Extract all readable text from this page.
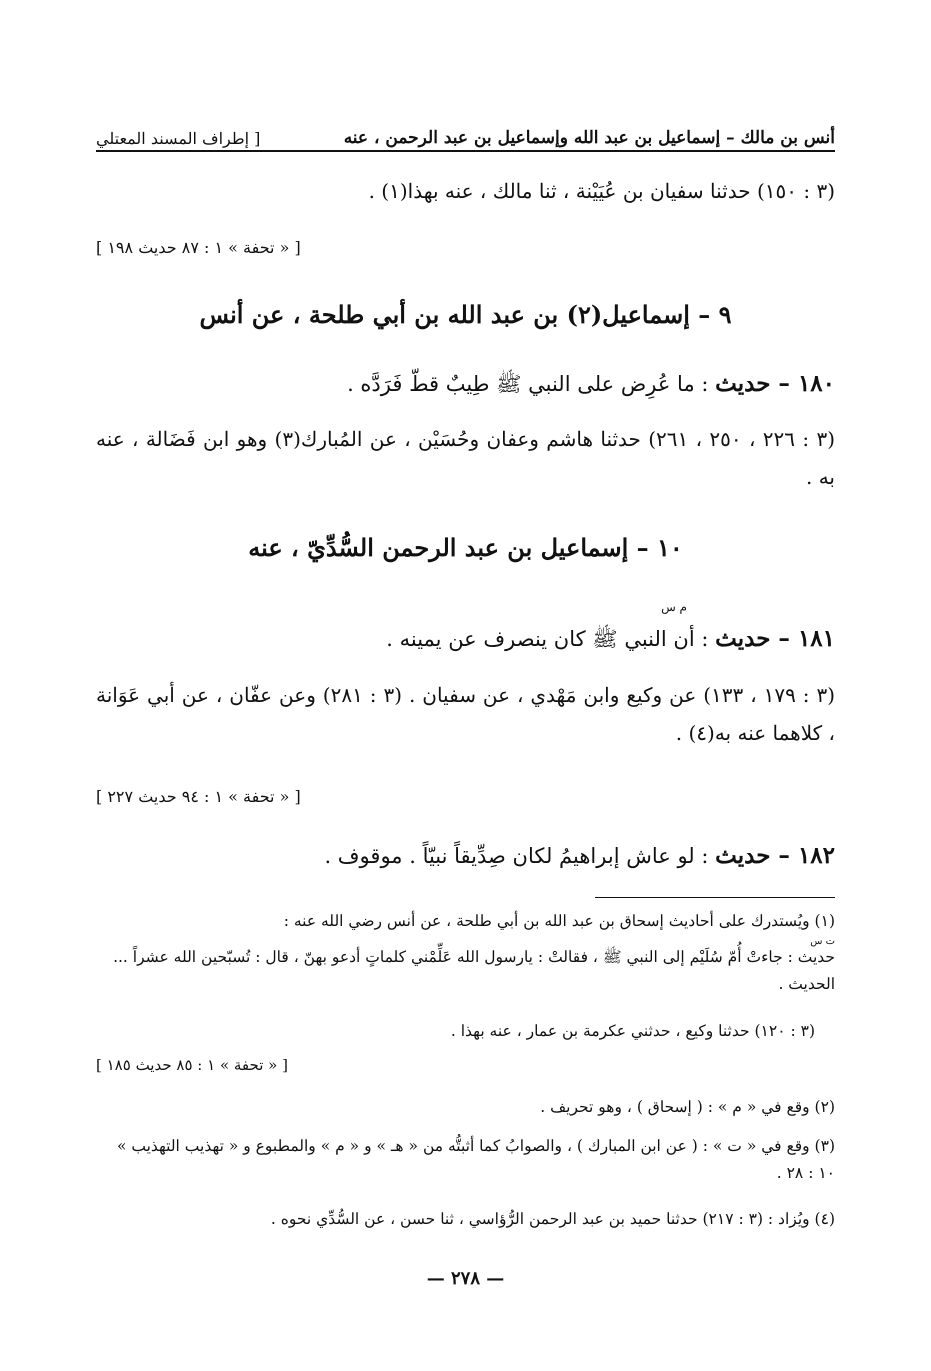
أنس بن مالك – إسماعيل بن عبد الله وإسماعيل بن عبد الرحمن ، عنه
[ إطراف المسند المعتلي
(٣ : ١٥٠) حدثنا سفيان بن عُيَيْنة ، ثنا مالك ، عنه بهذا(١) .
[ « تحفة » ١ : ٨٧ حديث ١٩٨ ]
٩ – إسماعيل(٢) بن عبد الله بن أبي طلحة ، عن أنس
١٨٠ – حديث : ما عُرِض على النبي ﷺ طِيبٌ قطّ فَرَدَّه .
(٣ : ٢٢٦ ، ٢٥٠ ، ٢٦١) حدثنا هاشم وعفان وحُسَيْن ، عن المُبارك(٣) وهو ابن فَضَالة ، عنه به .
١٠ – إسماعيل بن عبد الرحمن السُّدِّيّ ، عنه
م س
١٨١ – حديث : أن النبي ﷺ كان ينصرف عن يمينه .
(٣ : ١٧٩ ، ١٣٣) عن وكيع وابن مَهْدي ، عن سفيان . (٣ : ٢٨١) وعن عفّان ، عن أبي عَوَانة ، كلاهما عنه به(٤) .
[ « تحفة » ١ : ٩٤ حديث ٢٢٧ ]
١٨٢ – حديث : لو عاش إبراهيمُ لكان صِدِّيقاً نبيّاً . موقوف .
(١) ويُستدرك على أحاديث إسحاق بن عبد الله بن أبي طلحة ، عن أنس رضي الله عنه :
ت س
حديث : جاءتْ أُمّ سُلَيْم إلى النبي ﷺ ، فقالتْ : يارسول الله عَلِّمْني كلماتٍ أدعو بهنّ ، قال : تُسبّحين الله عشراً ... الحديث .
(٣ : ١٢٠) حدثنا وكيع ، حدثني عكرمة بن عمار ، عنه بهذا .
[ « تحفة » ١ : ٨٥ حديث ١٨٥ ]
(٢) وقع في « م » : ( إسحاق ) ، وهو تحريف .
(٣) وقع في « ت » : ( عن ابن المبارك ) ، والصوابُ كما أثبتُّه من « هـ » و « م » والمطبوع و « تهذيب التهذيب » ١٠ : ٢٨ .
(٤) ويُزاد : (٣ : ٢١٧) حدثنا حميد بن عبد الرحمن الرُّؤاسي ، ثنا حسن ، عن السُّدِّي نحوه .
— ٢٧٨ —
